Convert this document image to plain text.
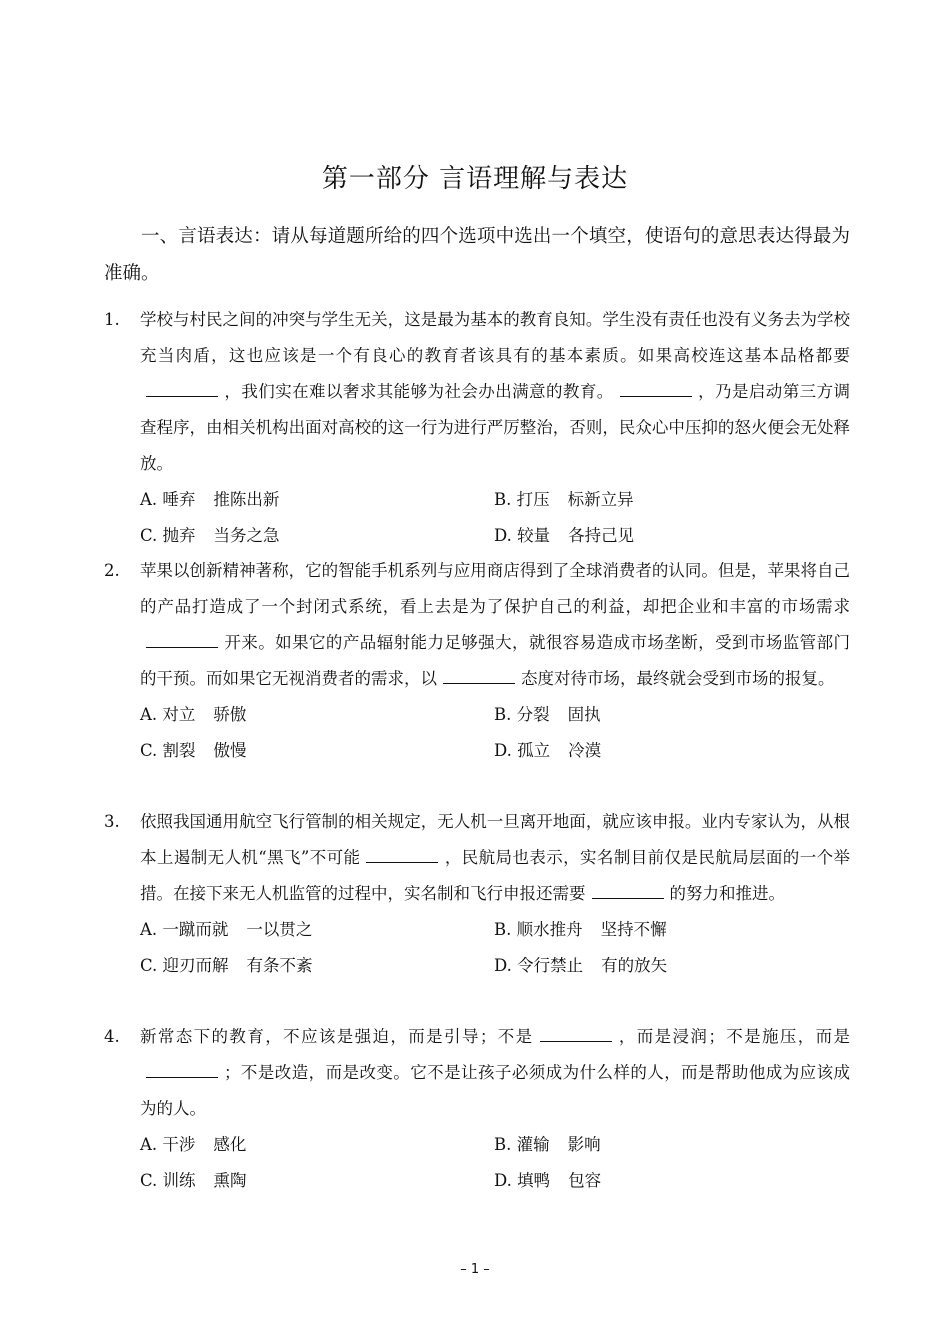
第一部分 言语理解与表达
一、言语表达：请从每道题所给的四个选项中选出一个填空，使语句的意思表达得最为准确。
1. 学校与村民之间的冲突与学生无关，这是最为基本的教育良知。学生没有责任也没有义务去为学校充当肉盾，这也应该是一个有良心的教育者该具有的基本素质。如果高校连这基本品格都要，我们实在难以奢求其能够为社会办出满意的教育。	，乃是启动第三方调查程序，由相关机构出面对高校的这一行为进行严厉整治，否则，民众心中压抑的怒火便会无处释放。
A. 唾弃 推陈出新	B. 打压 标新立异
C. 抛弃 当务之急	D. 较量 各持己见
2. 苹果以创新精神著称，它的智能手机系列与应用商店得到了全球消费者的认同。但是，苹果将自己的产品打造成了一个封闭式系统，看上去是为了保护自己的利益，却把企业和丰富的市场需求开来。如果它的产品辐射能力足够强大，就很容易造成市场垄断，受到市场监管部门的干预。而如果它无视消费者的需求，以	态度对待市场，最终就会受到市场的报复。
A. 对立 骄傲	B. 分裂 固执
C. 割裂 傲慢	D. 孤立 冷漠
3. 依照我国通用航空飞行管制的相关规定，无人机一旦离开地面，就应该申报。业内专家认为，从根本上遏制无人机“黑飞”不可能	，民航局也表示，实名制目前仅是民航局层面的一个举措。在接下来无人机监管的过程中，实名制和飞行申报还需要	的努力和推进。
A. 一蹴而就 一以贯之	B. 顺水推舟 坚持不懈
C. 迎刃而解 有条不紊	D. 令行禁止 有的放矢
4. 新常态下的教育，不应该是强迫，而是引导；不是	，而是浸润；不是施压，而是；不是改造，而是改变。它不是让孩子必须成为什么样的人，而是帮助他成为应该成为的人。
A. 干涉 感化	B. 灌输 影响
C. 训练 熏陶	D. 填鸭 包容
– 1 –
